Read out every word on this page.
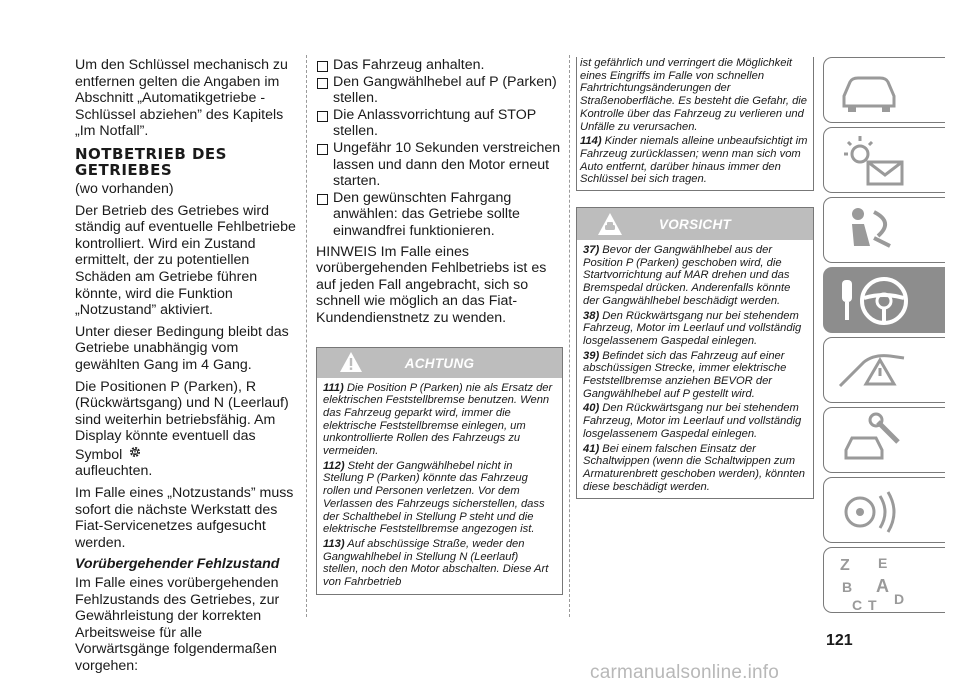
Um den Schlüssel mechanisch zu entfernen gelten die Angaben im Abschnitt „Automatikgetriebe - Schlüssel abziehen” des Kapitels „Im Notfall”.

NOTBETRIEB DES GETRIEBES

(wo vorhanden)

Der Betrieb des Getriebes wird ständig auf eventuelle Fehlbetriebe kontrolliert. Wird ein Zustand ermittelt, der zu potentiellen Schäden am Getriebe führen könnte, wird die Funktion „Notzustand” aktiviert.

Unter dieser Bedingung bleibt das Getriebe unabhängig vom gewählten Gang im 4 Gang.

Die Positionen P (Parken), R (Rückwärtsgang) und N (Leerlauf) sind weiterhin betriebsfähig. Am Display könnte eventuell das Symbol
aufleuchten.

Im Falle eines „Notzustands” muss sofort die nächste Werkstatt des Fiat-Servicenetzes aufgesucht werden.

Vorübergehender Fehlzustand

Im Falle eines vorübergehenden Fehlzustands des Getriebes, zur Gewährleistung der korrekten Arbeitsweise für alle Vorwärtsgänge folgendermaßen vorgehen:

Das Fahrzeug anhalten.
Den Gangwählhebel auf P (Parken) stellen.
Die Anlassvorrichtung auf STOP stellen.
Ungefähr 10 Sekunden verstreichen lassen und dann den Motor erneut starten.
Den gewünschten Fahrgang anwählen: das Getriebe sollte einwandfrei funktionieren.

HINWEIS Im Falle eines vorübergehenden Fehlbetriebs ist es auf jeden Fall angebracht, sich so schnell wie möglich an das Fiat-Kundendienstnetz zu wenden.

ACHTUNG

111) Die Position P (Parken) nie als Ersatz der elektrischen Feststellbremse benutzen. Wenn das Fahrzeug geparkt wird, immer die elektrische Feststellbremse einlegen, um unkontrollierte Rollen des Fahrzeugs zu vermeiden.

112) Steht der Gangwählhebel nicht in Stellung P (Parken) könnte das Fahrzeug rollen und Personen verletzen. Vor dem Verlassen des Fahrzeugs sicherstellen, dass der Schalthebel in Stellung P steht und die elektrische Feststellbremse angezogen ist.

113) Auf abschüssige Straße, weder den Gangwahlhebel in Stellung N (Leerlauf) stellen, noch den Motor abschalten. Diese Art von Fahrbetrieb

ist gefährlich und verringert die Möglichkeit eines Eingriffs im Falle von schnellen Fahrtrichtungsänderungen der Straßenoberfläche. Es besteht die Gefahr, die Kontrolle über das Fahrzeug zu verlieren und Unfälle zu verursachen.

114) Kinder niemals alleine unbeaufsichtigt im Fahrzeug zurücklassen; wenn man sich vom Auto entfernt, darüber hinaus immer den Schlüssel bei sich tragen.

VORSICHT

37) Bevor der Gangwählhebel aus der Position P (Parken) geschoben wird, die Startvorrichtung auf MAR drehen und das Bremspedal drücken. Anderenfalls könnte der Gangwählhebel beschädigt werden.

38) Den Rückwärtsgang nur bei stehendem Fahrzeug, Motor im Leerlauf und vollständig losgelassenem Gaspedal einlegen.

39) Befindet sich das Fahrzeug auf einer abschüssigen Strecke, immer elektrische Feststellbremse anziehen BEVOR der Gangwählhebel auf P gestellt wird.

40) Den Rückwärtsgang nur bei stehendem Fahrzeug, Motor im Leerlauf und vollständig losgelassenem Gaspedal einlegen.

41) Bei einem falschen Einsatz der Schaltwippen (wenn die Schaltwippen zum Armaturenbrett geschoben werden), könnten diese beschädigt werden.

Z E
B A
C T D
121
carmanualsonline.info
